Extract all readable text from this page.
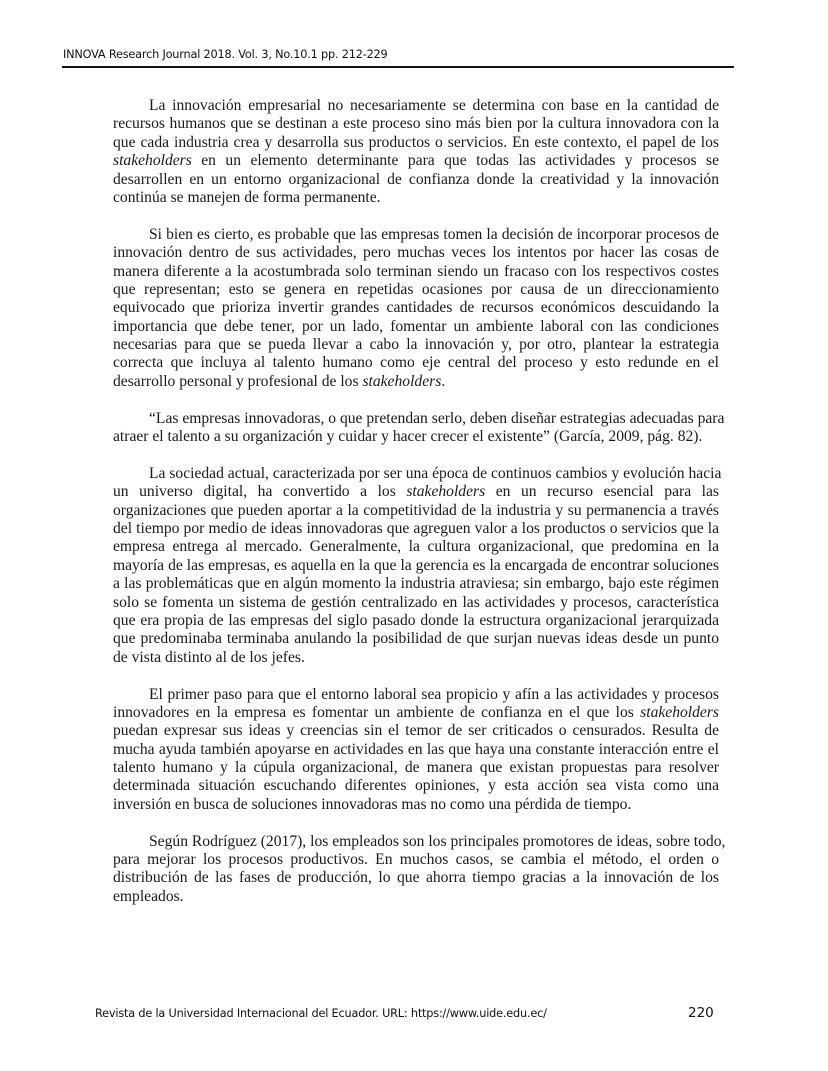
INNOVA Research Journal 2018. Vol. 3, No.10.1 pp. 212-229
La innovación empresarial no necesariamente se determina con base en la cantidad de
recursos humanos que se destinan a este proceso sino más bien por la cultura innovadora con la
que cada industria crea y desarrolla sus productos o servicios. En este contexto, el papel de los
stakeholders en un elemento determinante para que todas las actividades y procesos se
desarrollen en un entorno organizacional de confianza donde la creatividad y la innovación
continúa se manejen de forma permanente.
Si bien es cierto, es probable que las empresas tomen la decisión de incorporar procesos de
innovación dentro de sus actividades, pero muchas veces los intentos por hacer las cosas de
manera diferente a la acostumbrada solo terminan siendo un fracaso con los respectivos costes
que representan; esto se genera en repetidas ocasiones por causa de un direccionamiento
equivocado que prioriza invertir grandes cantidades de recursos económicos descuidando la
importancia que debe tener, por un lado, fomentar un ambiente laboral con las condiciones
necesarias para que se pueda llevar a cabo la innovación y, por otro, plantear la estrategia
correcta que incluya al talento humano como eje central del proceso y esto redunde en el
desarrollo personal y profesional de los stakeholders.
“Las empresas innovadoras, o que pretendan serlo, deben diseñar estrategias adecuadas para
atraer el talento a su organización y cuidar y hacer crecer el existente” (García, 2009, pág. 82).
La sociedad actual, caracterizada por ser una época de continuos cambios y evolución hacia
un universo digital, ha convertido a los stakeholders en un recurso esencial para las
organizaciones que pueden aportar a la competitividad de la industria y su permanencia a través
del tiempo por medio de ideas innovadoras que agreguen valor a los productos o servicios que la
empresa entrega al mercado. Generalmente, la cultura organizacional, que predomina en la
mayoría de las empresas, es aquella en la que la gerencia es la encargada de encontrar soluciones
a las problemáticas que en algún momento la industria atraviesa; sin embargo, bajo este régimen
solo se fomenta un sistema de gestión centralizado en las actividades y procesos, característica
que era propia de las empresas del siglo pasado donde la estructura organizacional jerarquizada
que predominaba terminaba anulando la posibilidad de que surjan nuevas ideas desde un punto
de vista distinto al de los jefes.
El primer paso para que el entorno laboral sea propicio y afín a las actividades y procesos
innovadores en la empresa es fomentar un ambiente de confianza en el que los stakeholders
puedan expresar sus ideas y creencias sin el temor de ser criticados o censurados. Resulta de
mucha ayuda también apoyarse en actividades en las que haya una constante interacción entre el
talento humano y la cúpula organizacional, de manera que existan propuestas para resolver
determinada situación escuchando diferentes opiniones, y esta acción sea vista como una
inversión en busca de soluciones innovadoras mas no como una pérdida de tiempo.
Según Rodríguez (2017), los empleados son los principales promotores de ideas, sobre todo,
para mejorar los procesos productivos. En muchos casos, se cambia el método, el orden o
distribución de las fases de producción, lo que ahorra tiempo gracias a la innovación de los
empleados.
Revista de la Universidad Internacional del Ecuador. URL: https://www.uide.edu.ec/	220
